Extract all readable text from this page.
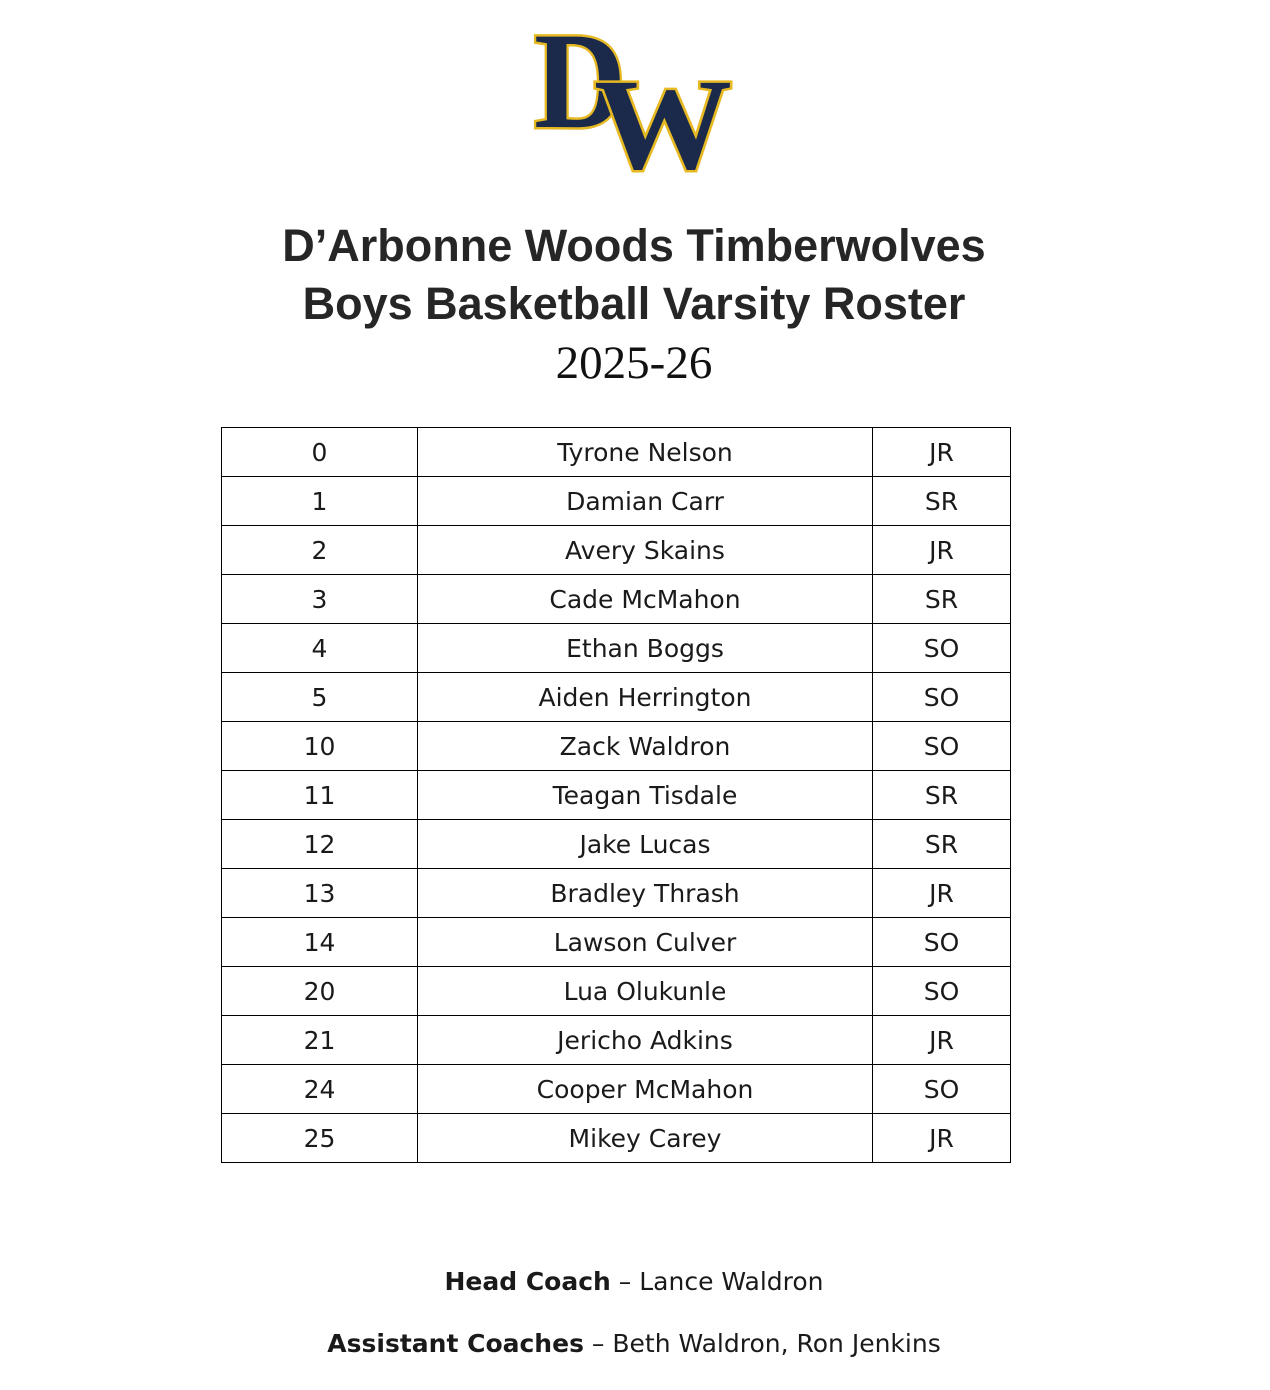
D
W
D’Arbonne Woods Timberwolves
Boys Basketball Varsity Roster
2025-26
0	Tyrone Nelson	JR
1	Damian Carr	SR
2	Avery Skains	JR
3	Cade McMahon	SR
4	Ethan Boggs	SO
5	Aiden Herrington	SO
10	Zack Waldron	SO
11	Teagan Tisdale	SR
12	Jake Lucas	SR
13	Bradley Thrash	JR
14	Lawson Culver	SO
20	Lua Olukunle	SO
21	Jericho Adkins	JR
24	Cooper McMahon	SO
25	Mikey Carey	JR
Head Coach – Lance Waldron
Assistant Coaches – Beth Waldron, Ron Jenkins
